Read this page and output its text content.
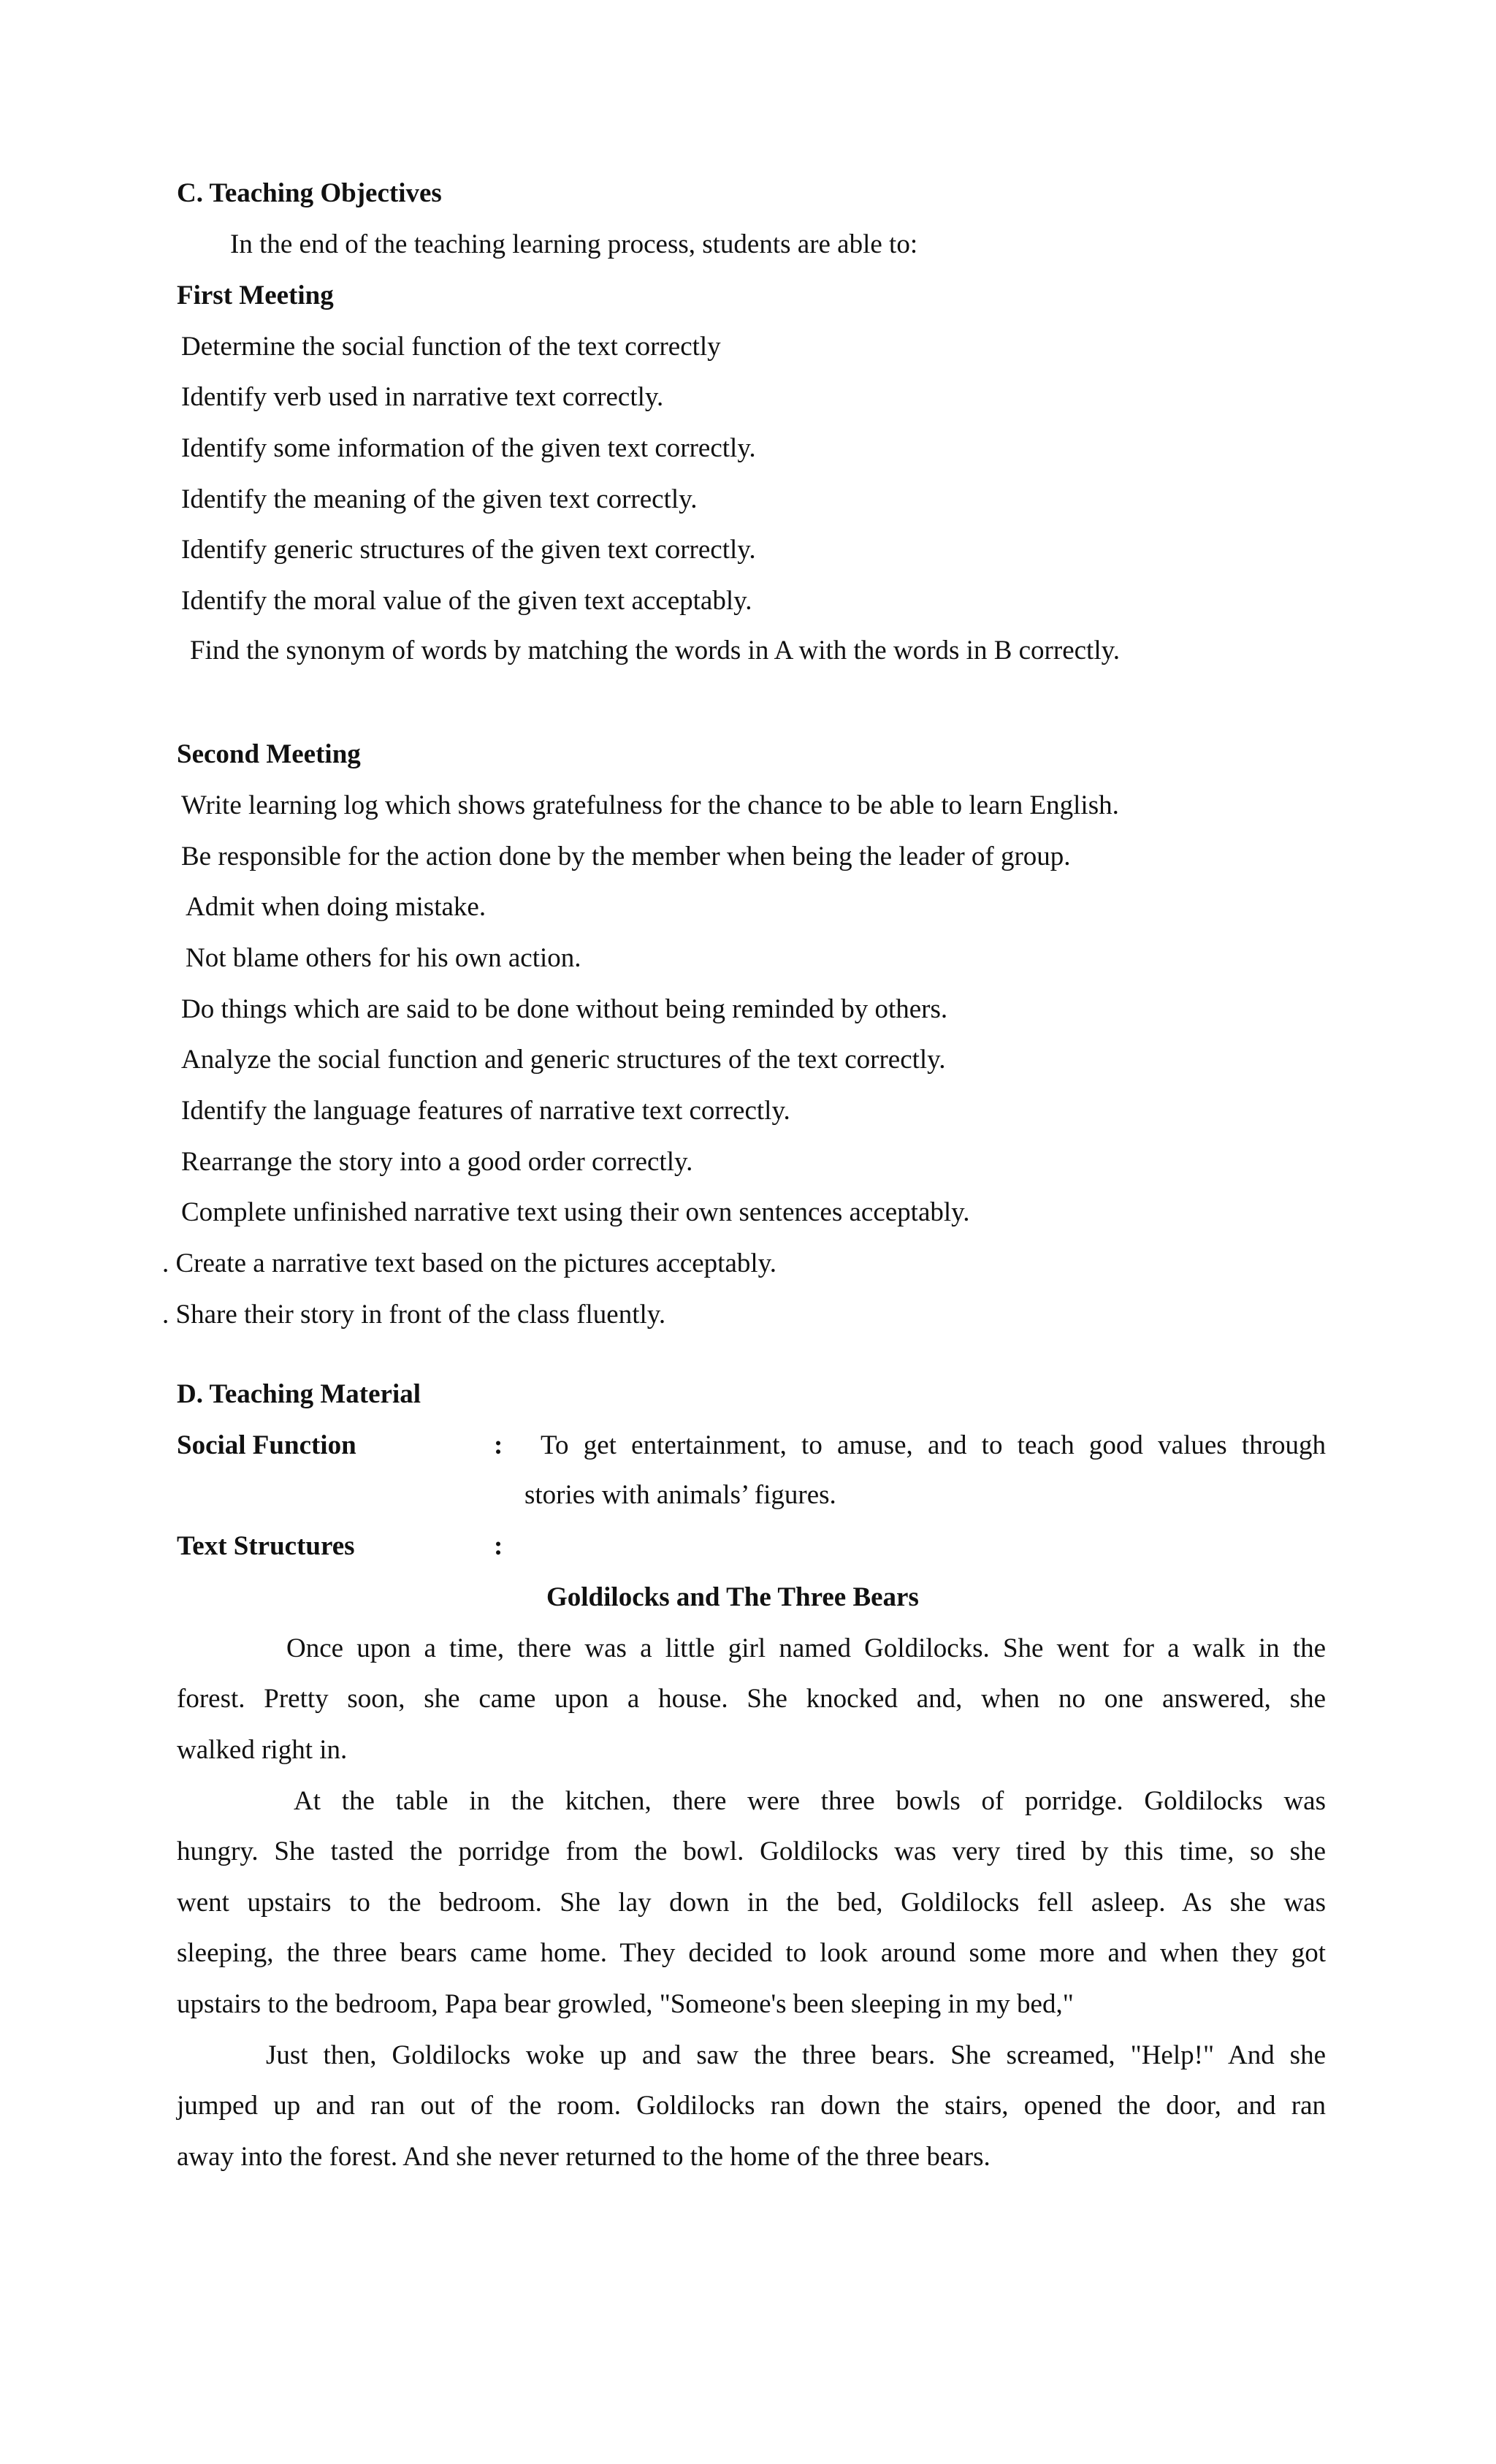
C. Teaching Objectives
In the end of the teaching learning process, students are able to:
First Meeting
Determine the social function of the text correctly
Identify verb used in narrative text correctly.
Identify some information of the given text correctly.
Identify the meaning of the given text correctly.
Identify generic structures of the given text correctly.
Identify the moral value of the given text acceptably.
Find the synonym of words by matching the words in A with the words in B correctly.
Second Meeting
Write learning log which shows gratefulness for the chance to be able to learn English.
Be responsible for the action done by the member when being the leader of group.
Admit when doing mistake.
Not blame others for his own action.
Do things which are said to be done without being reminded by others.
Analyze the social function and generic structures of the text correctly.
Identify the language features of narrative text correctly.
Rearrange the story into a good order correctly.
Complete unfinished narrative text using their own sentences acceptably.
. Create a narrative text based on the pictures acceptably.
. Share their story in front of the class fluently.
D. Teaching Material
Social Function	: To get entertainment, to amuse, and to teach good values through
stories with animals’ figures.
Text Structures	:
Goldilocks and The Three Bears
Once upon a time, there was a little girl named Goldilocks. She went for a walk in the
forest. Pretty soon, she came upon a house. She knocked and, when no one answered, she
walked right in.
At the table in the kitchen, there were three bowls of porridge. Goldilocks was
hungry. She tasted the porridge from the bowl. Goldilocks was very tired by this time, so she
went upstairs to the bedroom. She lay down in the bed, Goldilocks fell asleep. As she was
sleeping, the three bears came home. They decided to look around some more and when they got
upstairs to the bedroom, Papa bear growled, "Someone's been sleeping in my bed,"
Just then, Goldilocks woke up and saw the three bears. She screamed, "Help!" And she
jumped up and ran out of the room. Goldilocks ran down the stairs, opened the door, and ran
away into the forest. And she never returned to the home of the three bears.
